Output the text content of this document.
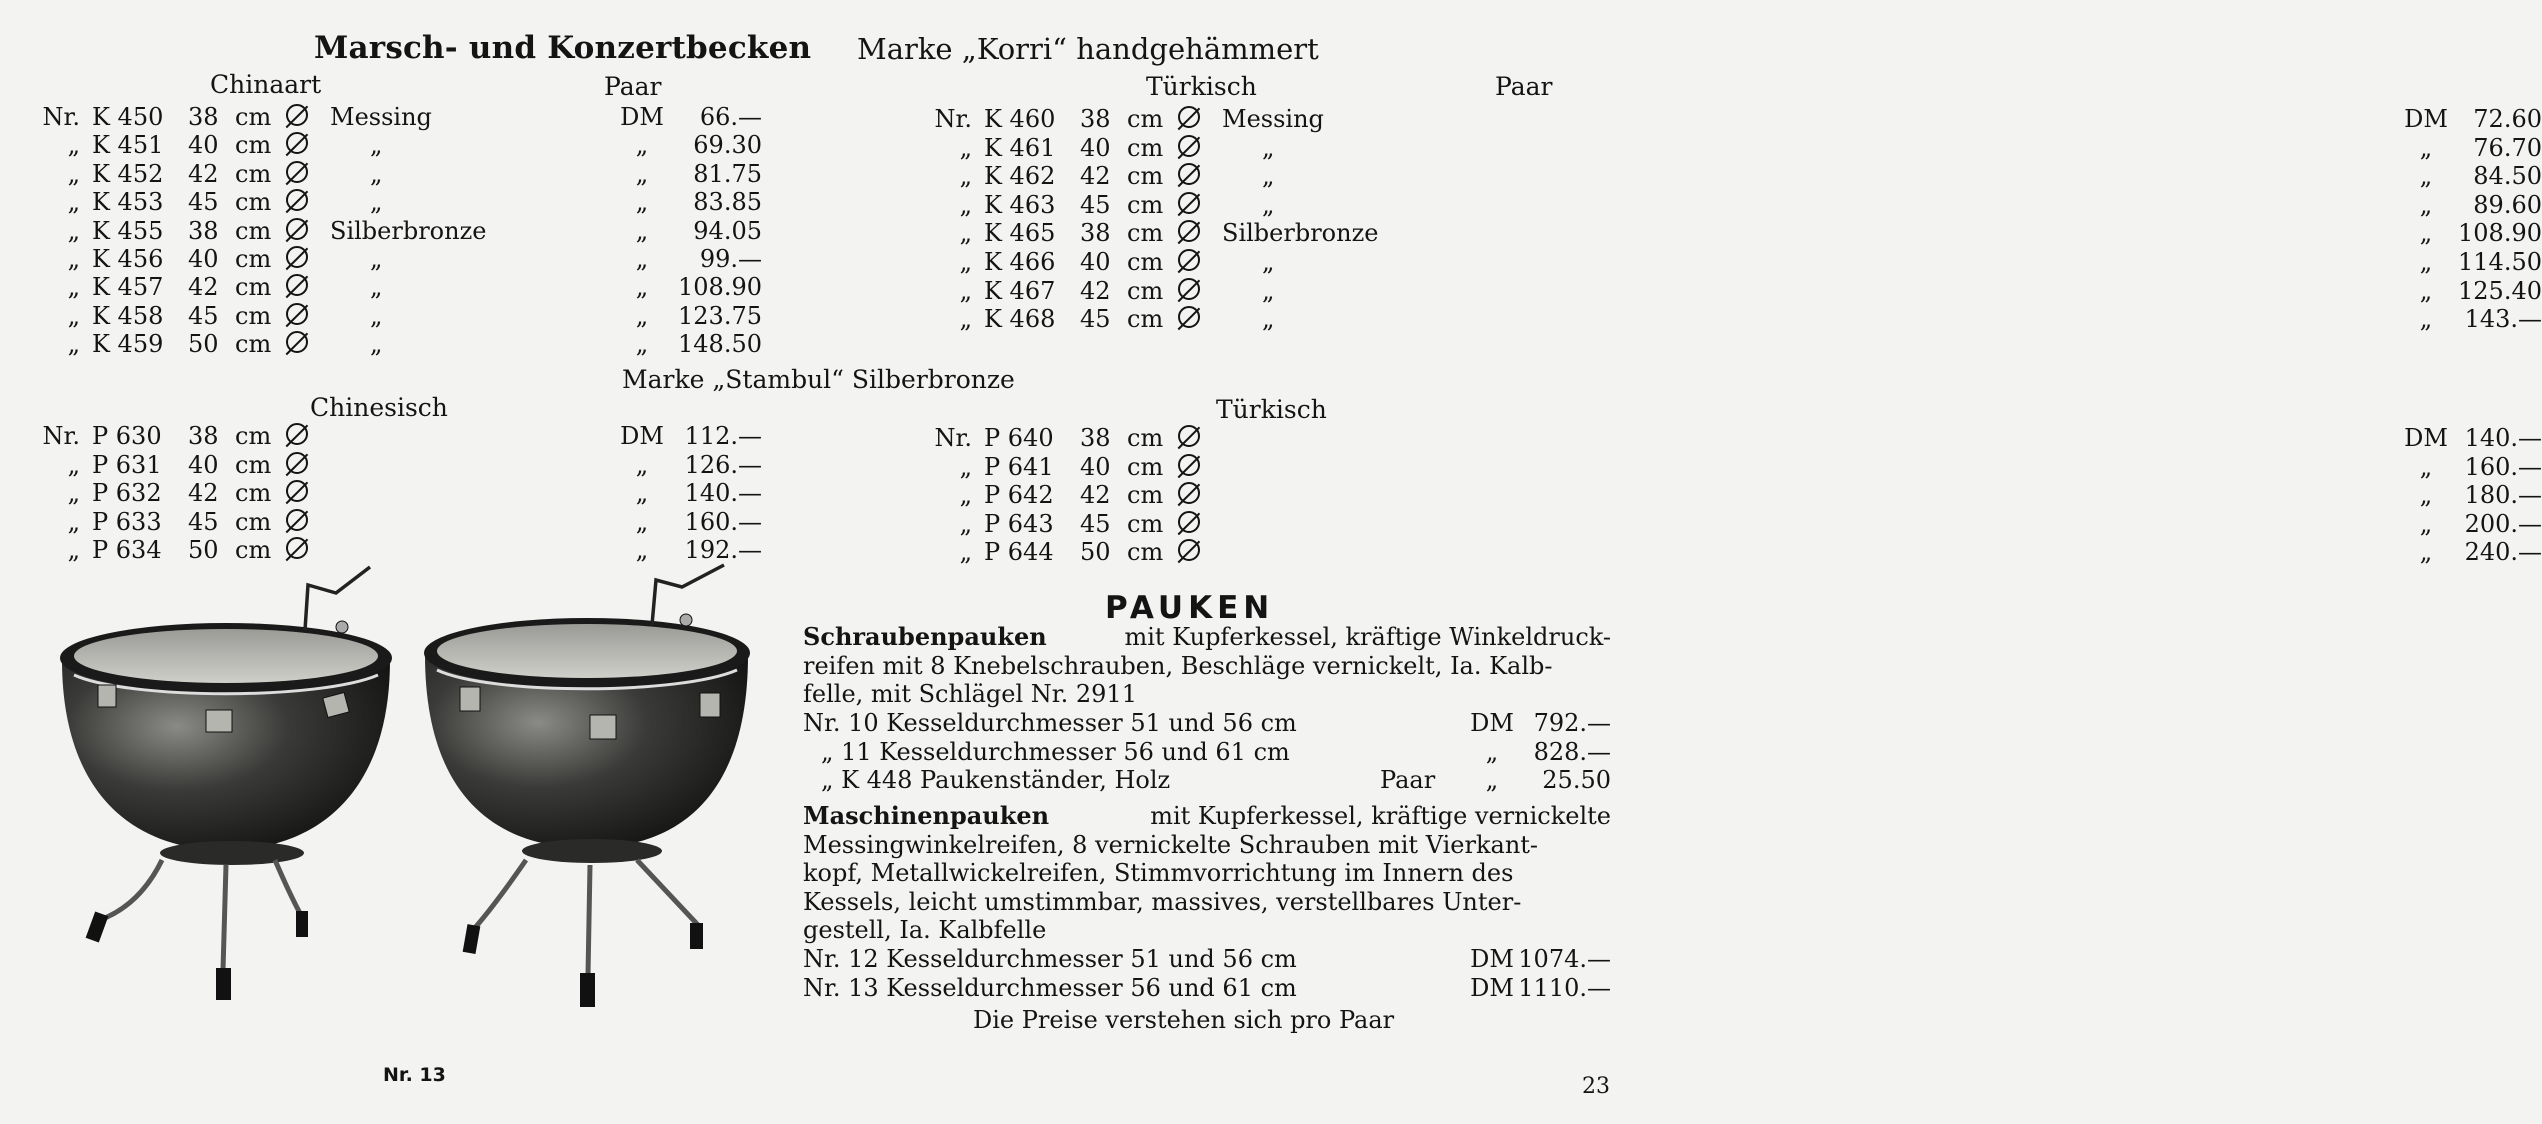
Marsch- und Konzertbecken Marke „Korri“ handgehämmert
Chinaart	Paar	Türkisch	Paar
Nr. K 450 38 cm Messing	DM	66.—
„ K 451 40 cm	„	„	69.30
„ K 452 42 cm	„	„	81.75
„ K 453 45 cm	„	„	83.85
„ K 455 38 cm Silberbronze	„	94.05
„ K 456 40 cm	„	„	99.—
„ K 457 42 cm	„	„	108.90
„ K 458 45 cm	„	„	123.75
„ K 459 50 cm	„	„	148.50
Nr. K 460 38 cm Messing	DM	72.60
„ K 461 40 cm	„	„	76.70
„ K 462 42 cm	„	„	84.50
„ K 463 45 cm	„	„	89.60
„ K 465 38 cm Silberbronze	„	108.90
„ K 466 40 cm	„	„	114.50
„ K 467 42 cm	„	„	125.40
„ K 468 45 cm	„	„	143.—
Marke „Stambul“ Silberbronze
Chinesisch	Türkisch
Nr. P 630 38 cm	DM 112.—
„ P 631 40 cm	„	126.—
„ P 632 42 cm	„	140.—
„ P 633 45 cm	„	160.—
„ P 634 50 cm	„	192.—
Nr. P 640 38 cm	DM 140.—
„ P 641 40 cm	„	160.—
„ P 642 42 cm	„	180.—
„ P 643 45 cm	„	200.—
„ P 644 50 cm	„	240.—
Nr. 13
PAUKEN
Schraubenpauken	mit Kupferkessel, kräftige Winkeldruck-
reifen mit 8 Knebelschrauben, Beschläge vernickelt, Ia. Kalb-
felle, mit Schlägel Nr. 2911
Nr. 10 Kesseldurchmesser 51 und 56 cm	DM 792.—
„ 11 Kesseldurchmesser 56 und 61 cm	„	828.—
„ K 448 Paukenständer, Holz	Paar	„	25.50
Maschinenpauken	mit Kupferkessel, kräftige vernickelte
Messingwinkelreifen, 8 vernickelte Schrauben mit Vierkant-
kopf, Metallwickelreifen, Stimmvorrichtung im Innern des
Kessels, leicht umstimmbar, massives, verstellbares Unter-
gestell, Ia. Kalbfelle
Nr. 12 Kesseldurchmesser 51 und 56 cm	DM 1074.—
Nr. 13 Kesseldurchmesser 56 und 61 cm	DM 1110.—
Die Preise verstehen sich pro Paar
23
